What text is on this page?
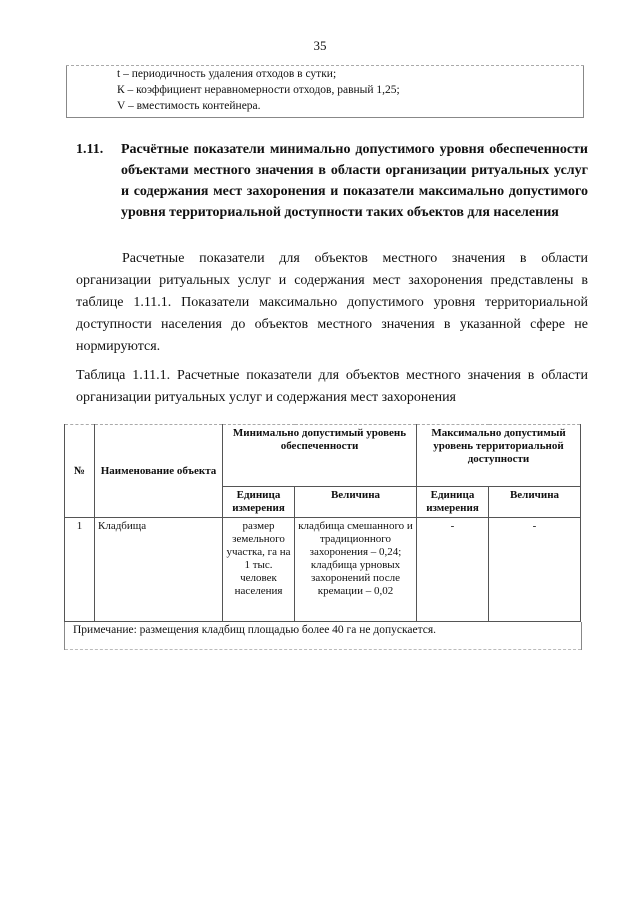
35
t – периодичность удаления отходов в сутки;
К – коэффициент неравномерности отходов, равный 1,25;
V – вместимость контейнера.
1.11. Расчётные показатели минимально допустимого уровня обеспеченности объектами местного значения в области организации ритуальных услуг и содержания мест захоронения и показатели максимально допустимого уровня территориальной доступности таких объектов для населения
Расчетные показатели для объектов местного значения в области организации ритуальных услуг и содержания мест захоронения представлены в таблице 1.11.1. Показатели максимально допустимого уровня территориальной доступности населения до объектов местного значения в указанной сфере не нормируются.
Таблица 1.11.1. Расчетные показатели для объектов местного значения в области организации ритуальных услуг и содержания мест захоронения
№	Наименование объекта	Минимально допустимый уровень обеспеченности		Максимально допустимый уровень территориальной доступности	
		Единица измерения	Величина	Единица измерения	Величина
1	Кладбища	размер земельного участка, га на 1 тыс. человек населения	кладбища смешанного и традиционного захоронения – 0,24; кладбища урновых захоронений после кремации – 0,02	-	-
Примечание: размещения кладбищ площадью более 40 га не допускается.
